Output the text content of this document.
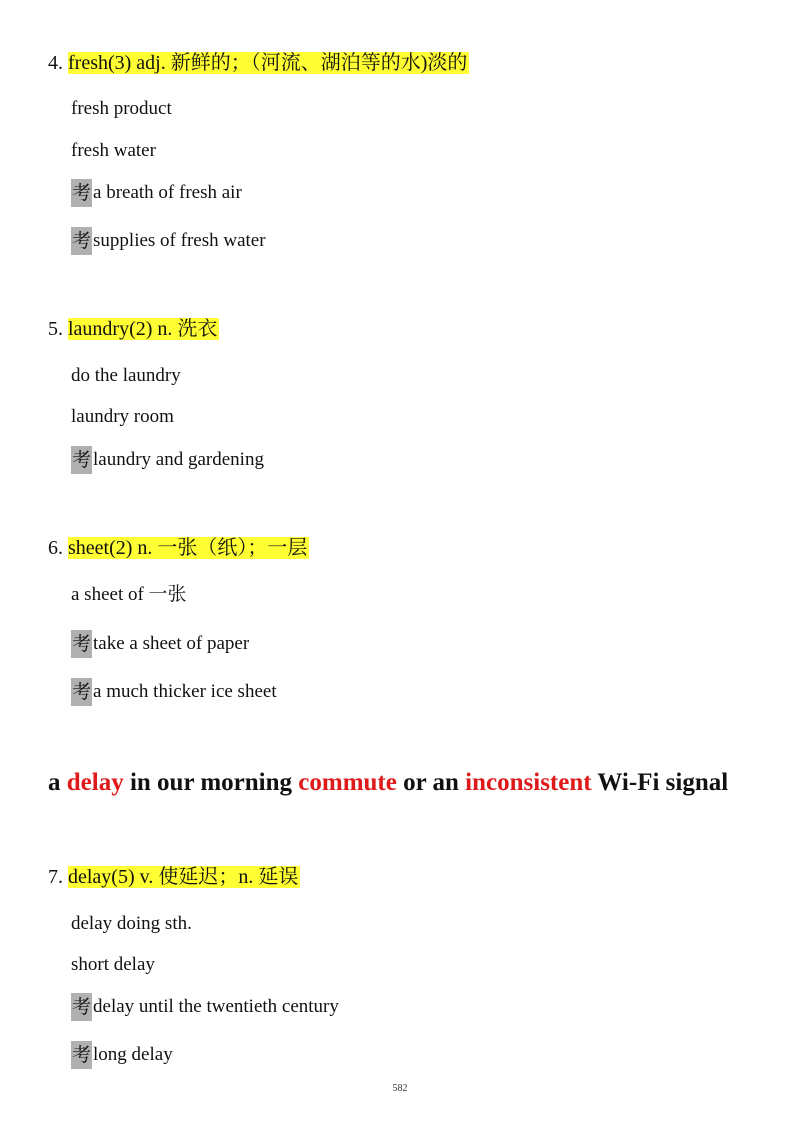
4. fresh(3) adj. 新鲜的；（河流、湖泊等的水)淡的
fresh product
fresh water
考 a breath of fresh air
考 supplies of fresh water
5. laundry(2) n. 洗衣
do the laundry
laundry room
考 laundry and gardening
6. sheet(2) n. 一张（纸）；一层
a sheet of 一张
考 take a sheet of paper
考 a much thicker ice sheet
a delay in our morning commute or an inconsistent Wi-Fi signal
7. delay(5) v. 使延迟；n. 延误
delay doing sth.
short delay
考 delay until the twentieth century
考 long delay
582
